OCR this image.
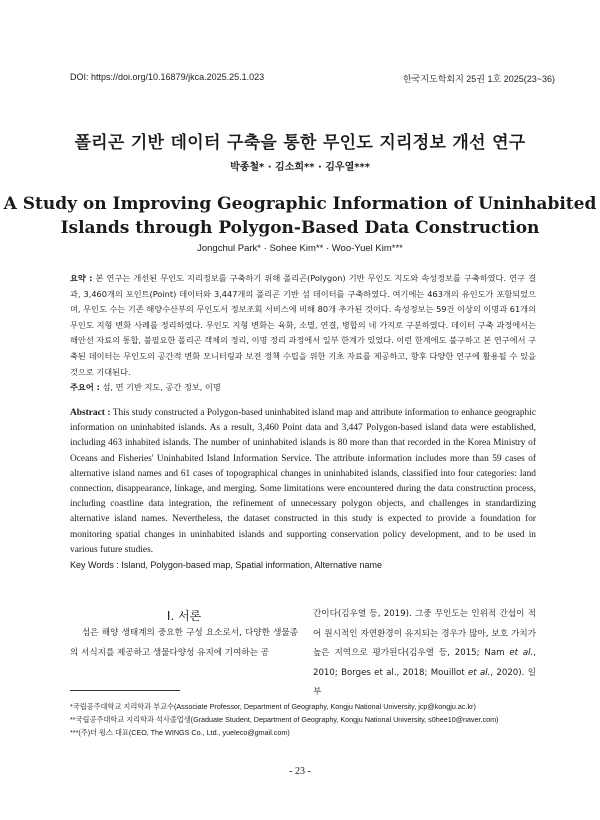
DOI: https://doi.org/10.16879/jkca.2025.25.1.023	한국지도학회지 25권 1호 2025(23~36)
폴리곤 기반 데이터 구축을 통한 무인도 지리정보 개선 연구
박종철* · 김소희** · 김우열***
A Study on Improving Geographic Information of Uninhabited
Islands through Polygon-Based Data Construction
Jongchul Park* · Sohee Kim** · Woo-Yuel Kim***
요약 : 본 연구는 개선된 무인도 지리정보를 구축하기 위해 폴리곤(Polygon) 기반 무인도 지도와 속성정보를 구축하였다. 연구 결과, 3,460개의 포인트(Point) 데이터와 3,447개의 폴리곤 기반 섬 데이터를 구축하였다. 여기에는 463개의 유인도가 포함되었으며, 무인도 수는 기존 해양수산부의 무인도서 정보조회 서비스에 비해 80개 추가된 것이다. 속성정보는 59건 이상의 이명과 61개의 무인도 지형 변화 사례를 정리하였다. 무인도 지형 변화는 육화, 소멸, 연결, 병합의 네 가지로 구분하였다. 데이터 구축 과정에서는 해안선 자료의 통합, 불필요한 폴리곤 객체의 정리, 이명 정리 과정에서 일부 한계가 있었다. 이런 한계에도 불구하고 본 연구에서 구축된 데이터는 무인도의 공간적 변화 모니터링과 보전 정책 수립을 위한 기초 자료를 제공하고, 향후 다양한 연구에 활용될 수 있을 것으로 기대된다.
주요어 : 섬, 면 기반 지도, 공간 정보, 이명
Abstract : This study constructed a Polygon-based uninhabited island map and attribute information to enhance geographic information on uninhabited islands. As a result, 3,460 Point data and 3,447 Polygon-based island data were established, including 463 inhabited islands. The number of uninhabited islands is 80 more than that recorded in the Korea Ministry of Oceans and Fisheries' Uninhabited Island Information Service. The attribute information includes more than 59 cases of alternative island names and 61 cases of topographical changes in uninhabited islands, classified into four categories: land connection, disappearance, linkage, and merging. Some limitations were encountered during the data construction process, including coastline data integration, the refinement of unnecessary polygon objects, and challenges in standardizing alternative island names. Nevertheless, the dataset constructed in this study is expected to provide a foundation for monitoring spatial changes in uninhabited islands and supporting conservation policy development, and to be used in various future studies.
Key Words : Island, Polygon-based map, Spatial information, Alternative name
I. 서론
섬은 해양 생태계의 중요한 구성 요소로서, 다양한 생물종의 서식지를 제공하고 생물다양성 유지에 기여하는 공
간이다(김우열 등, 2019). 그중 무인도는 인위적 간섭이 적어 원시적인 자연환경이 유지되는 경우가 많아, 보호 가치가 높은 지역으로 평가된다(김우열 등, 2015; Nam et al., 2010; Borges et al., 2018; Mouillot et al., 2020). 일부
*국립공주대학교 지리학과 부교수(Associate Professor, Department of Geography, Kongju National University, jcp@kongju.ac.kr)
**국립공주대학교 지리학과 석사졸업생(Graduate Student, Department of Geography, Kongju National University, s0hee10@naver.com)
***(주)더 윙스 대표(CEO, The WINGS Co., Ltd., yueleco@gmail.com)
- 23 -
